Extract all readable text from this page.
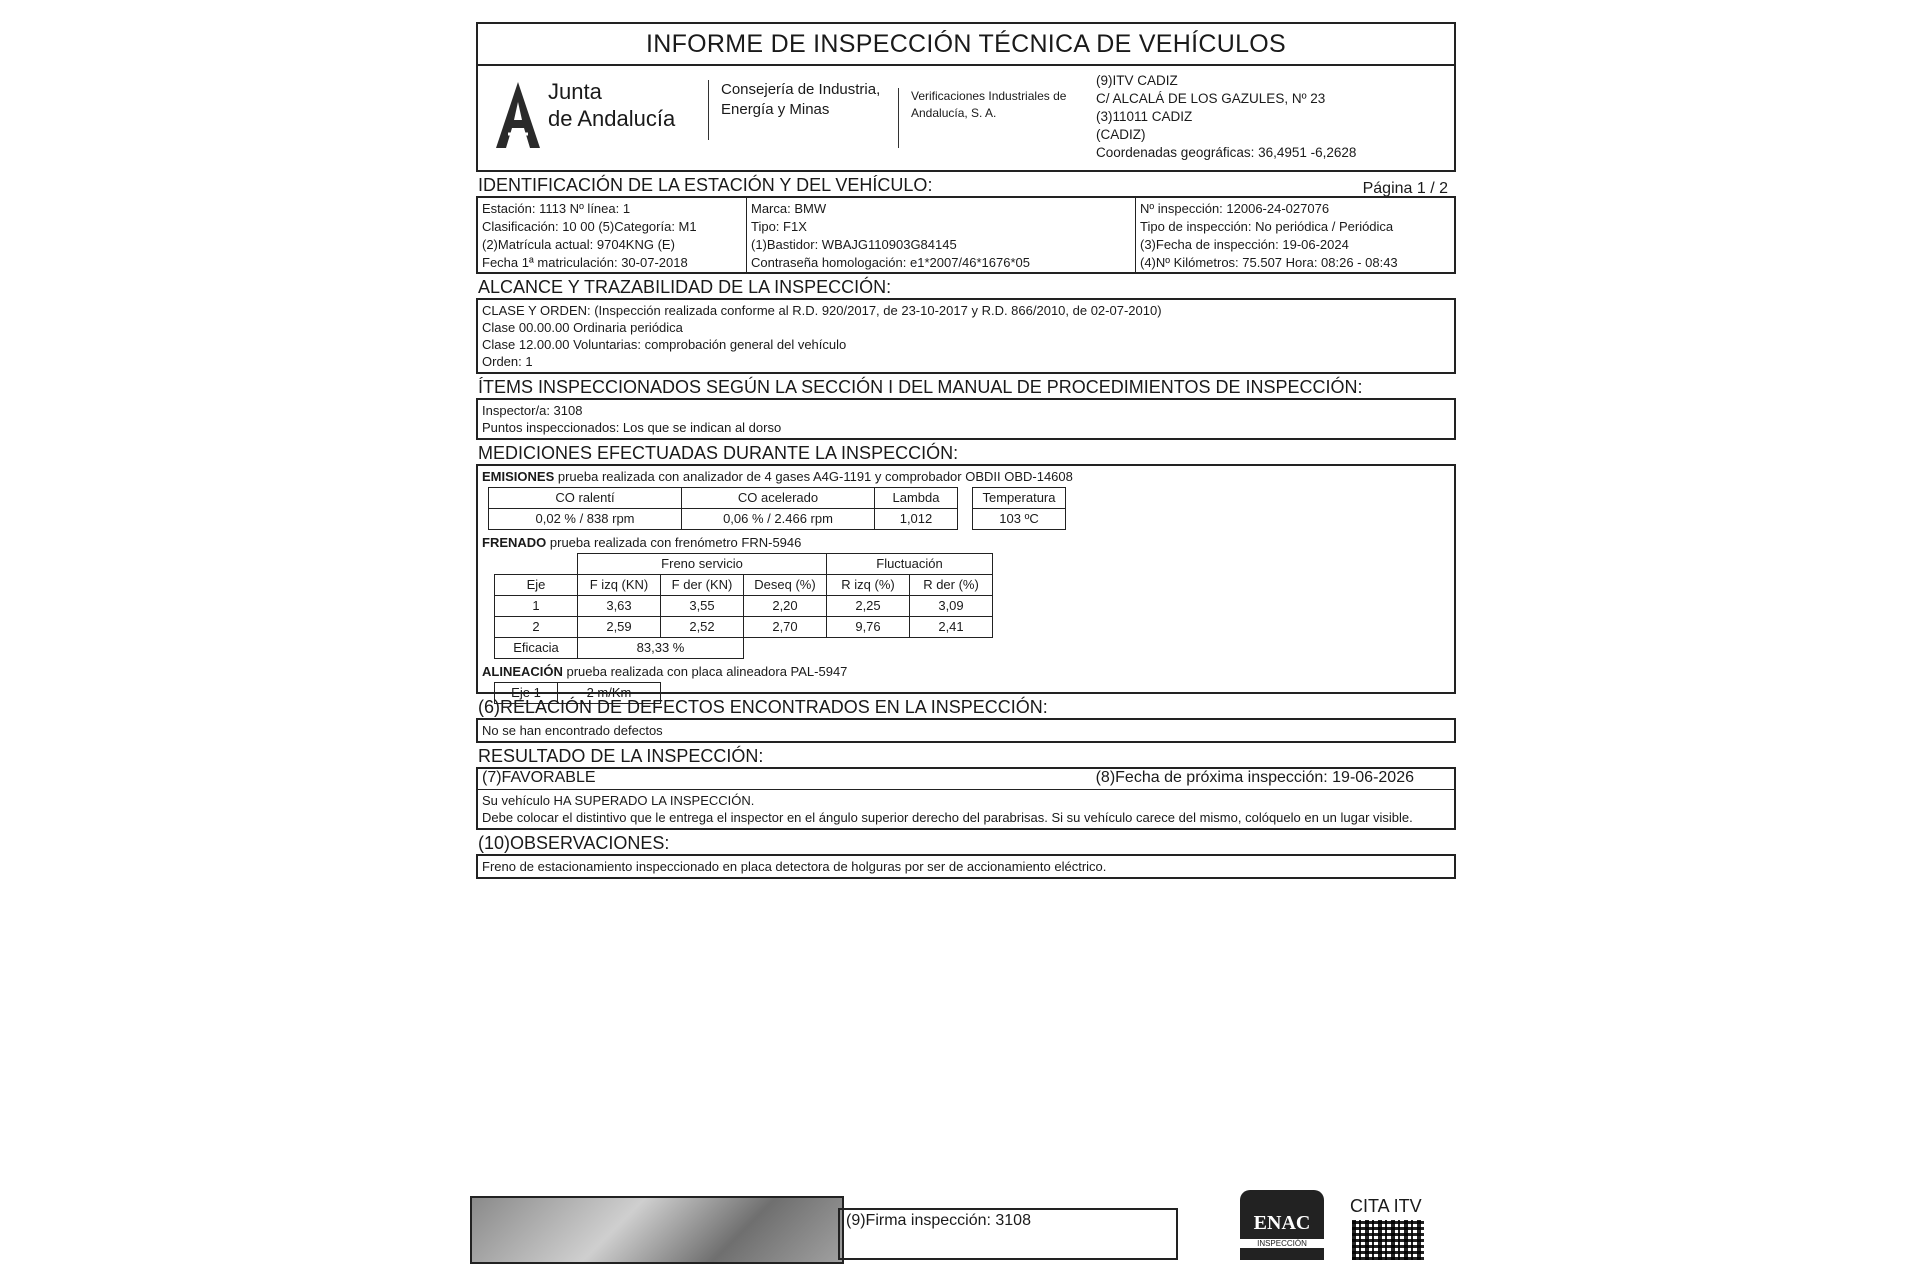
INFORME DE INSPECCIÓN TÉCNICA DE VEHÍCULOS
Junta
de Andalucía
Consejería de Industria,
Energía y Minas
Verificaciones Industriales de
Andalucía, S. A.
(9)ITV CADIZ
C/ ALCALÁ DE LOS GAZULES, Nº 23
(3)11011 CADIZ
(CADIZ)
Coordenadas geográficas: 36,4951 -6,2628
IDENTIFICACIÓN DE LA ESTACIÓN Y DEL VEHÍCULO:	Página 1 / 2
Estación: 1113 Nº línea: 1
Clasificación: 10 00 (5)Categoría: M1
(2)Matrícula actual: 9704KNG (E)
Fecha 1ª matriculación: 30-07-2018
Marca: BMW
Tipo: F1X
(1)Bastidor: WBAJG110903G84145
Contraseña homologación: e1*2007/46*1676*05
Nº inspección: 12006-24-027076
Tipo de inspección: No periódica / Periódica
(3)Fecha de inspección: 19-06-2024
(4)Nº Kilómetros: 75.507 Hora: 08:26 - 08:43
ALCANCE Y TRAZABILIDAD DE LA INSPECCIÓN:
CLASE Y ORDEN: (Inspección realizada conforme al R.D. 920/2017, de 23-10-2017 y R.D. 866/2010, de 02-07-2010)
Clase 00.00.00 Ordinaria periódica
Clase 12.00.00 Voluntarias: comprobación general del vehículo
Orden: 1
ÍTEMS INSPECCIONADOS SEGÚN LA SECCIÓN I DEL MANUAL DE PROCEDIMIENTOS DE INSPECCIÓN:
Inspector/a: 3108
Puntos inspeccionados: Los que se indican al dorso
MEDICIONES EFECTUADAS DURANTE LA INSPECCIÓN:
EMISIONES prueba realizada con analizador de 4 gases A4G-1191 y comprobador OBDII OBD-14608
CO ralentí	CO acelerado	Lambda
0,02 % / 838 rpm	0,06 % / 2.466 rpm	1,012
Temperatura
103 ºC
FRENADO prueba realizada con frenómetro FRN-5946
	Freno servicio			Fluctuación	
Eje	F izq (KN)	F der (KN)	Deseq (%)	R izq (%)	R der (%)
1	3,63	3,55	2,20	2,25	3,09
2	2,59	2,52	2,70	9,76	2,41
Eficacia	83,33 %				
ALINEACIÓN prueba realizada con placa alineadora PAL-5947
Eje 1	2 m/Km
(6)RELACIÓN DE DEFECTOS ENCONTRADOS EN LA INSPECCIÓN:
No se han encontrado defectos
RESULTADO DE LA INSPECCIÓN:
(7)FAVORABLE	(8)Fecha de próxima inspección: 19-06-2026
Su vehículo HA SUPERADO LA INSPECCIÓN.
Debe colocar el distintivo que le entrega el inspector en el ángulo superior derecho del parabrisas. Si su vehículo carece del mismo, colóquelo en un lugar visible.
(10)OBSERVACIONES:
Freno de estacionamiento inspeccionado en placa detectora de holguras por ser de accionamiento eléctrico.
(9)Firma inspección: 3108	ENAC
INSPECCIÓN
CITA ITV
